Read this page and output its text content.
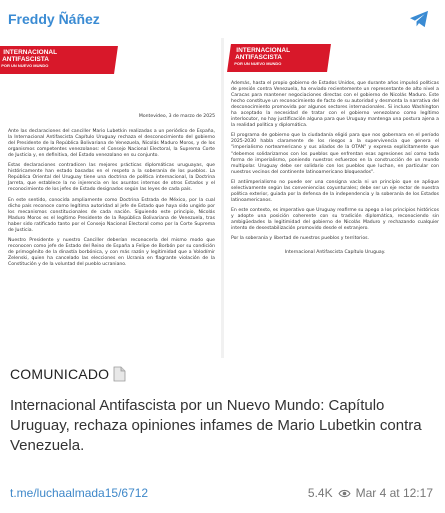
Freddy Ñáñez
INTERNACIONAL
ANTIFASCISTA
POR UN NUEVO MUNDO

Montevideo, 3 de marzo de 2025

Ante las declaraciones del canciller Mario Lubetkin realizadas a un periódico de España, la Internacional Antifascista Capítulo Uruguay rechaza el desconocimiento del gobierno del Presidente de la República Bolivariana de Venezuela, Nicolás Maduro Moros, y de los organismos competentes venezolanos: el Consejo Nacional Electoral, la Suprema Corte de Justicia y, en definitiva, del Estado venezolano en su conjunto.

Estas declaraciones contradicen las mejores prácticas diplomáticas uruguayas, que históricamente han estado basadas en el respeto a la soberanía de los pueblos. La República Oriental del Uruguay tiene una doctrina de política internacional, la Doctrina Jarreta, que establece la no injerencia en los asuntos internos de otros Estados y el reconocimiento de los jefes de Estado designados según las leyes de cada país.

En este sentido, conocida ampliamente como Doctrina Estrada de México, por la cual dicho país reconoce como legítima autoridad al jefe de Estado que haya sido ungido por los mecanismos constitucionales de cada nación. Siguiendo este principio, Nicolás Maduro Moros es el legítimo Presidente de la República Bolivariana de Venezuela, tras haber sido ratificado tanto por el Consejo Nacional Electoral como por la Corte Suprema de Justicia.

Nuestro Presidente y nuestro Canciller deberían reconocerla del mismo modo que reconocen como jefe de Estado del Reino de España a Felipe de Borbón por su condición de primogénito de la dinastía borbónica, y con más razón y legitimidad que a Volodímir Zelenski, quien ha cancelado las elecciones en Ucrania en flagrante violación de la Constitución y de la voluntad del pueblo ucraniano.

INTERNACIONAL
ANTIFASCISTA
POR UN NUEVO MUNDO

Además, hasta el propio gobierno de Estados Unidos, que durante años impulsó políticas de presión contra Venezuela, ha enviado recientemente un representante de alto nivel a Caracas para mantener negociaciones directas con el gobierno de Nicolás Maduro. Este hecho constituye un reconocimiento de facto de su autoridad y desmonta la narrativa del desconocimiento promovida por algunos sectores internacionales. Si incluso Washington ha aceptado la necesidad de tratar con el gobierno venezolano como legítimo interlocutor, no hay justificación alguna para que Uruguay mantenga una postura ajena a la realidad política y diplomática.

El programa de gobierno que la ciudadanía eligió para que nos gobernara en el período 2025-2030 habla claramente de los riesgos a la supervivencia que genera el "imperialismo norteamericano y sus aliados de la OTAN" y expresa explícitamente que "debemos solidarizarnos con los pueblos que enfrentan esas agresiones así como toda forma de imperialismo, poniendo nuestros esfuerzos en la construcción de un mundo multipolar. Uruguay debe ser solidario con los pueblos que luchan, en particular con nuestros vecinos del continente latinoamericano bloqueados".

El antiimperialismo no puede ser una consigna vacía ni un principio que se aplique selectivamente según las conveniencias coyunturales; debe ser un eje rector de nuestra política exterior, guiada por la defensa de la independencia y la soberanía de los Estados latinoamericanos.

En este contexto, es imperativo que Uruguay reafirme su apego a los principios históricos y adopte una posición coherente con su tradición diplomática, reconociendo sin ambigüedades la legitimidad del gobierno de Nicolás Maduro y rechazando cualquier intento de desestabilización promovido desde el extranjero.

Por la soberanía y libertad de nuestros pueblos y territorios.

Internacional Antifascista Capítulo Uruguay.

COMUNICADO
Internacional Antifascista por un Nuevo Mundo: Capítulo Uruguay, rechaza opiniones infames de Mario Lubetkin contra Venezuela.
t.me/luchaalmada15/6712	5.4K Mar 4 at 12:17
